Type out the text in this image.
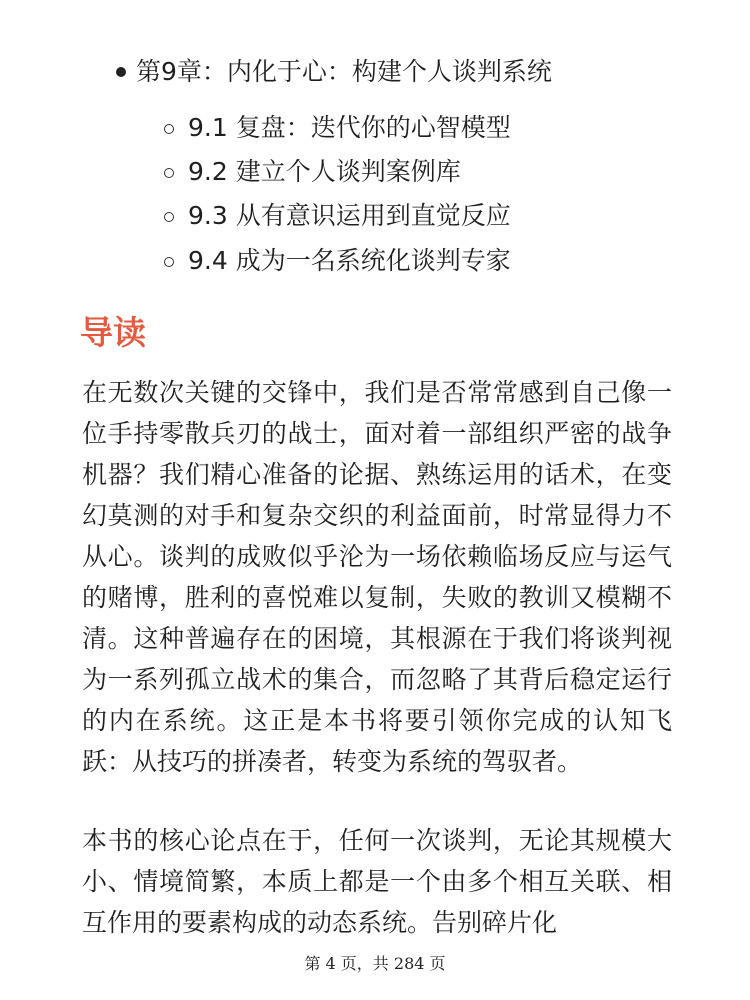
第9章：内化于心：构建个人谈判系统
9.1 复盘：迭代你的心智模型
9.2 建立个人谈判案例库
9.3 从有意识运用到直觉反应
9.4 成为一名系统化谈判专家
导读
在无数次关键的交锋中，我们是否常常感到自己像一位手持零散兵刃的战士，面对着一部组织严密的战争机器？我们精心准备的论据、熟练运用的话术，在变幻莫测的对手和复杂交织的利益面前，时常显得力不从心。谈判的成败似乎沦为一场依赖临场反应与运气的赌博，胜利的喜悦难以复制，失败的教训又模糊不清。这种普遍存在的困境，其根源在于我们将谈判视为一系列孤立战术的集合，而忽略了其背后稳定运行的内在系统。这正是本书将要引领你完成的认知飞跃：从技巧的拼凑者，转变为系统的驾驭者。
本书的核心论点在于，任何一次谈判，无论其规模大小、情境简繁，本质上都是一个由多个相互关联、相互作用的要素构成的动态系统。告别碎片化
第 4 页，共 284 页
